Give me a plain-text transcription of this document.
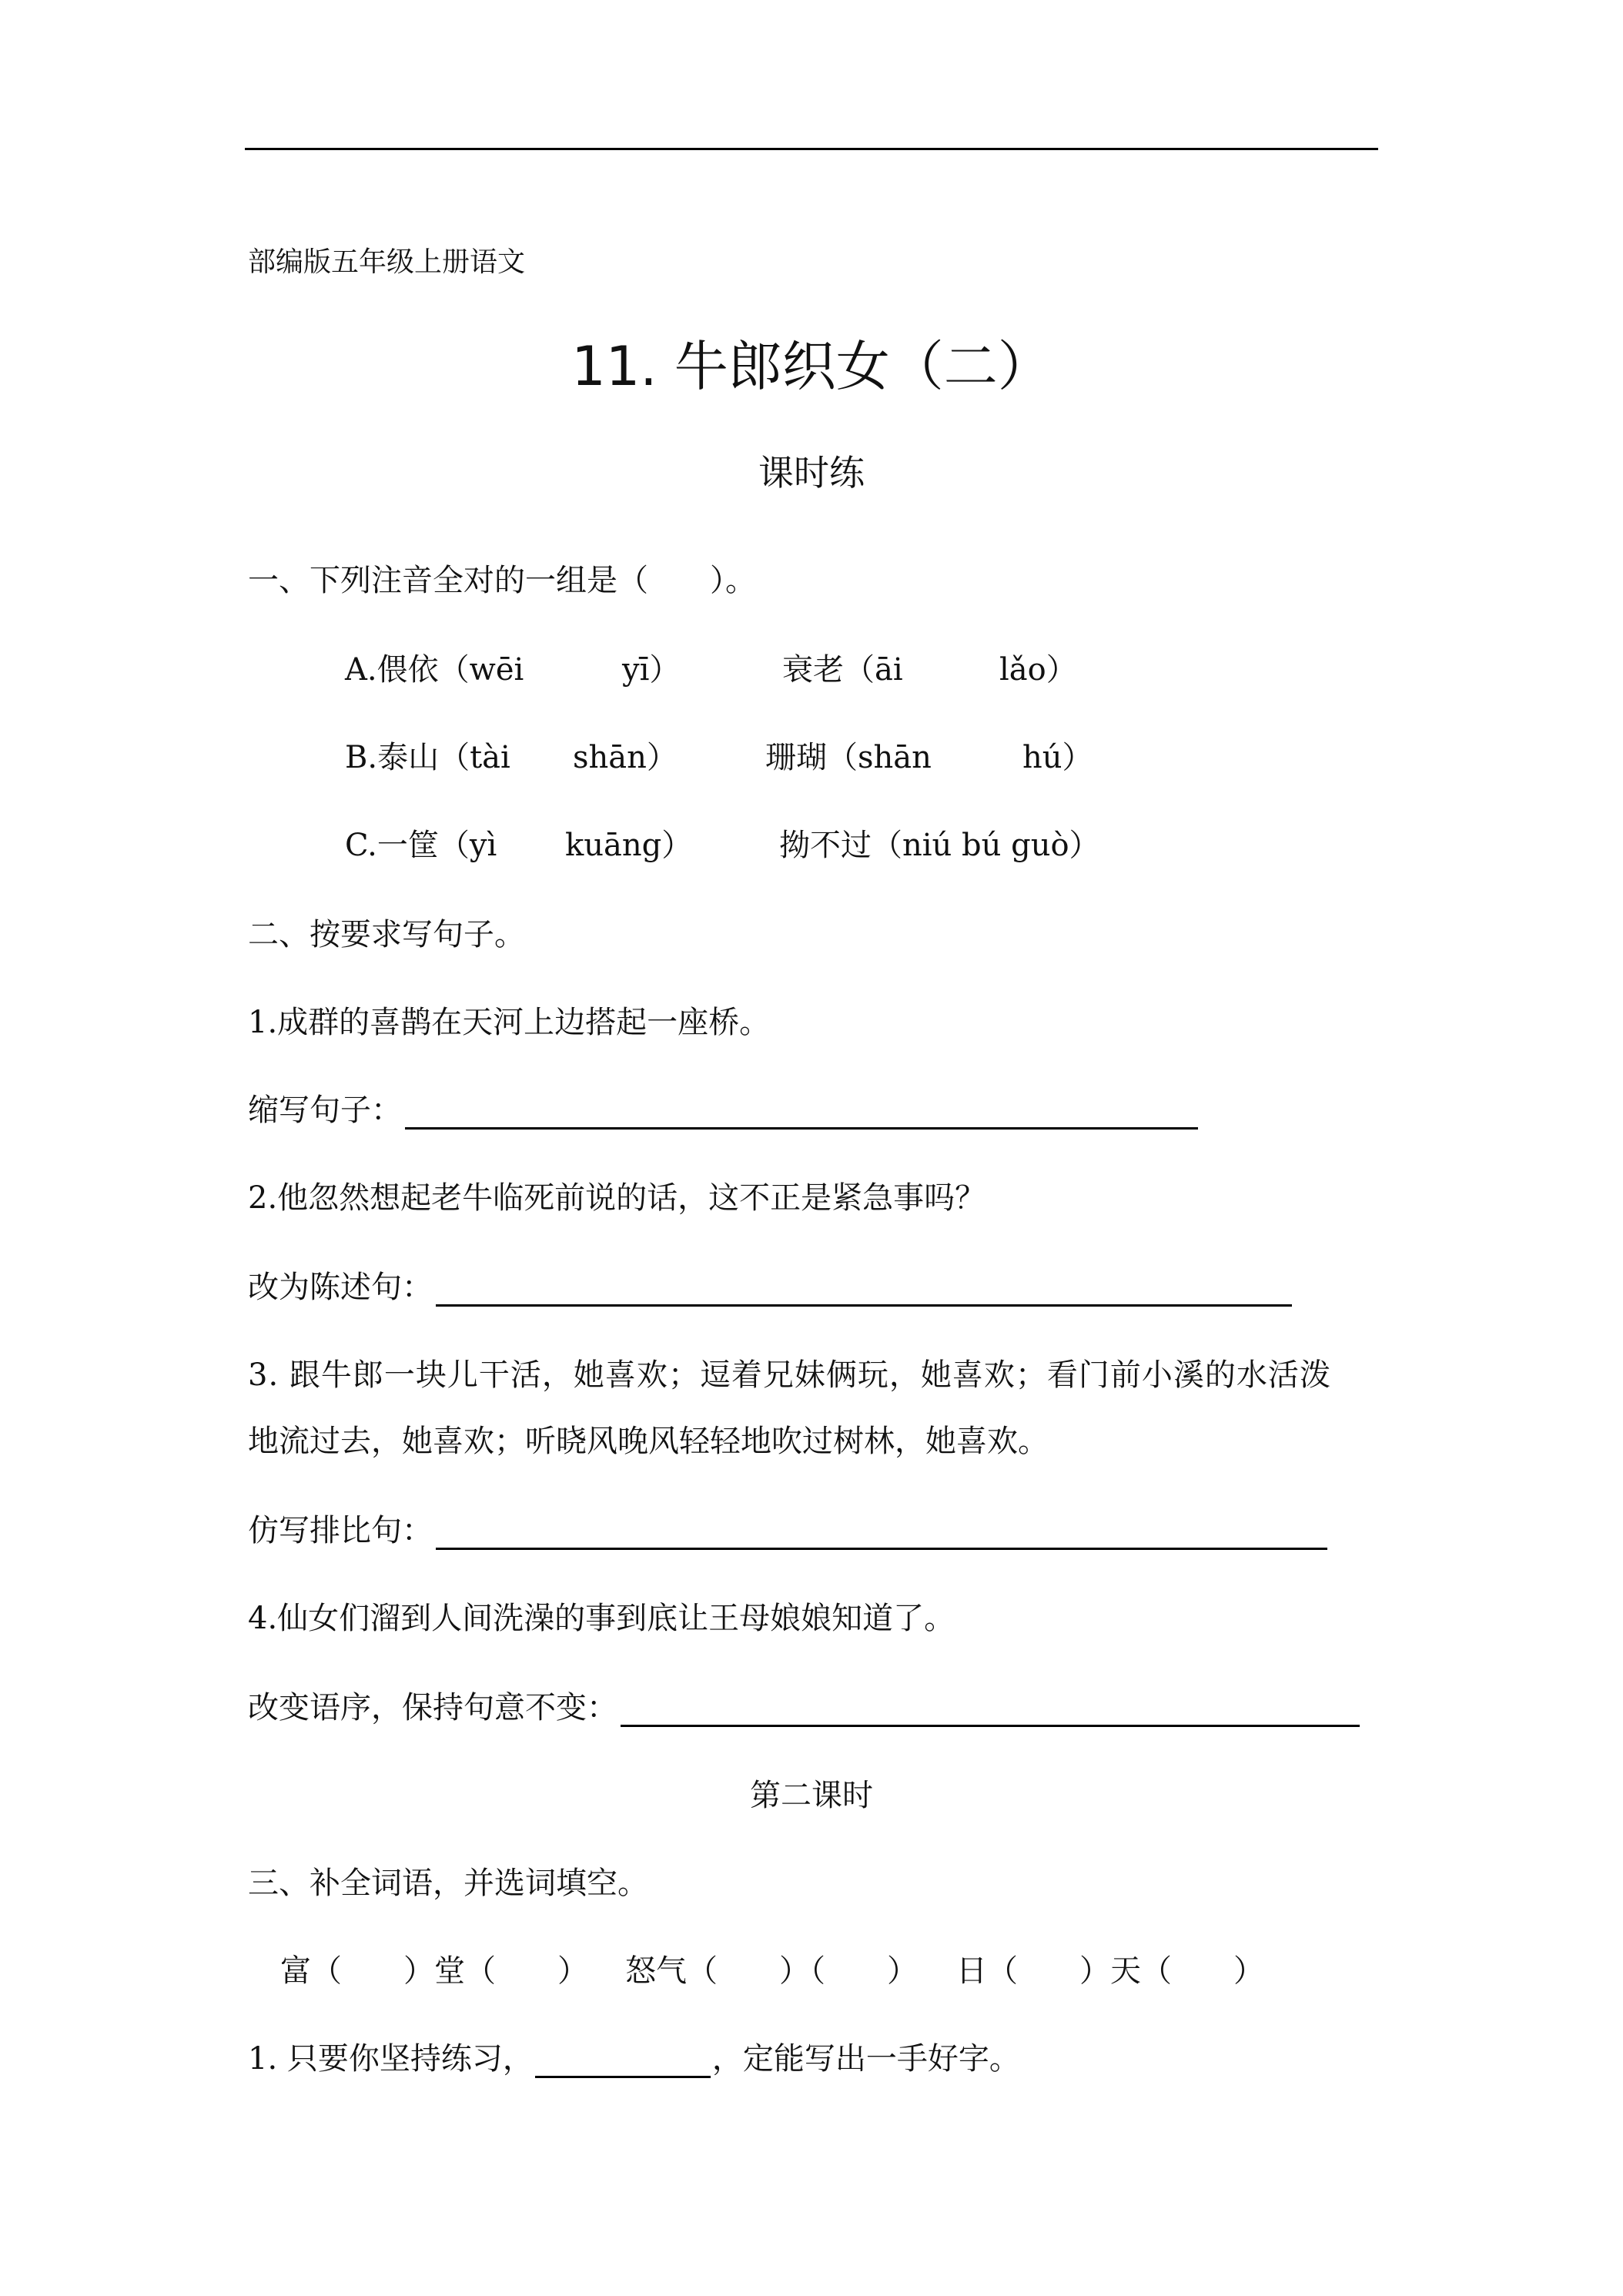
部编版五年级上册语文
11. 牛郎织女（二）
课时练
一、下列注音全对的一组是（　　）。
A.偎依（wēi	yī）	衰老（āi	lǎo）
B.泰山（tài shān）	珊瑚（shān	hú）
C.一筐（yì kuāng）	拗不过（niú bú guò）
二、按要求写句子。
1.成群的喜鹊在天河上边搭起一座桥。
缩写句子：
2.他忽然想起老牛临死前说的话，这不正是紧急事吗？
改为陈述句：
3. 跟牛郎一块儿干活，她喜欢；逗着兄妹俩玩，她喜欢；看门前小溪的水活泼
地流过去，她喜欢；听晓风晚风轻轻地吹过树林，她喜欢。
仿写排比句：
4.仙女们溜到人间洗澡的事到底让王母娘娘知道了。
改变语序，保持句意不变：
第二课时
三、补全词语，并选词填空。
富（　　）堂（　　） 怒气（　　）（　　） 日（　　）天（　　）
1. 只要你坚持练习，	，定能写出一手好字。
